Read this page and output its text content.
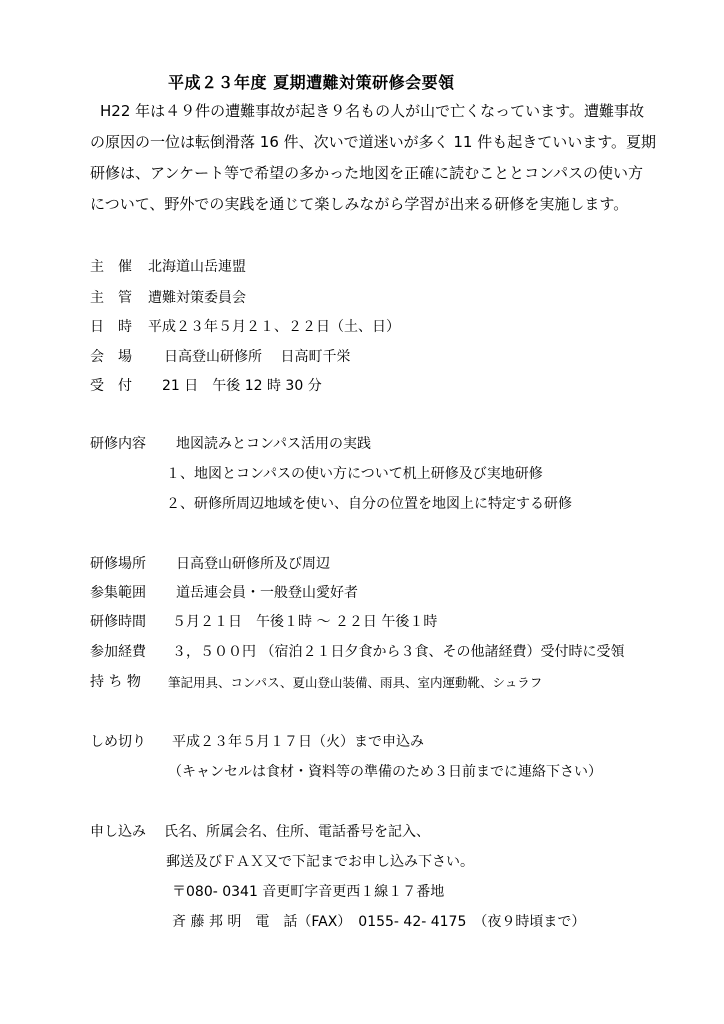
平成２３年度 夏期遭難対策研修会要領
H22 年は４９件の遭難事故が起き９名もの人が山で亡くなっています。遭難事故
の原因の一位は転倒滑落 16 件、次いで道迷いが多く 11 件も起きていいます。夏期
研修は、アンケート等で希望の多かった地図を正確に読むこととコンパスの使い方
について、野外での実践を通じて楽しみながら学習が出来る研修を実施します。
主　催 北海道山岳連盟
主　管 遭難対策委員会
日　時 平成２３年５月２１、２２日（土、日）
会　場 日高登山研修所　 日高町千栄
受　付 21 日　午後 12 時 30 分
研修内容 地図読みとコンパス活用の実践
１、地図とコンパスの使い方について机上研修及び実地研修
２、研修所周辺地域を使い、自分の位置を地図上に特定する研修
研修場所 日高登山研修所及び周辺
参集範囲 道岳連会員・一般登山愛好者
研修時間 ５月２１日　午後１時 ～ ２２日 午後１時
参加経費 ３，５００円 （宿泊２１日夕食から３食、その他諸経費）受付時に受領
持 ち 物 筆記用具、コンパス、夏山登山装備、雨具、室内運動靴、シュラフ
しめ切り 平成２３年５月１７日（火）まで申込み
（キャンセルは食材・資料等の準備のため３日前までに連絡下さい）
申し込み 氏名、所属会名、住所、電話番号を記入、
郵送及びＦＡＸ又で下記までお申し込み下さい。
〒080- 0341 音更町字音更西１線１７番地
斉 藤 邦 明　電　話（FAX）　0155- 42- 4175　（夜９時頃まで）
